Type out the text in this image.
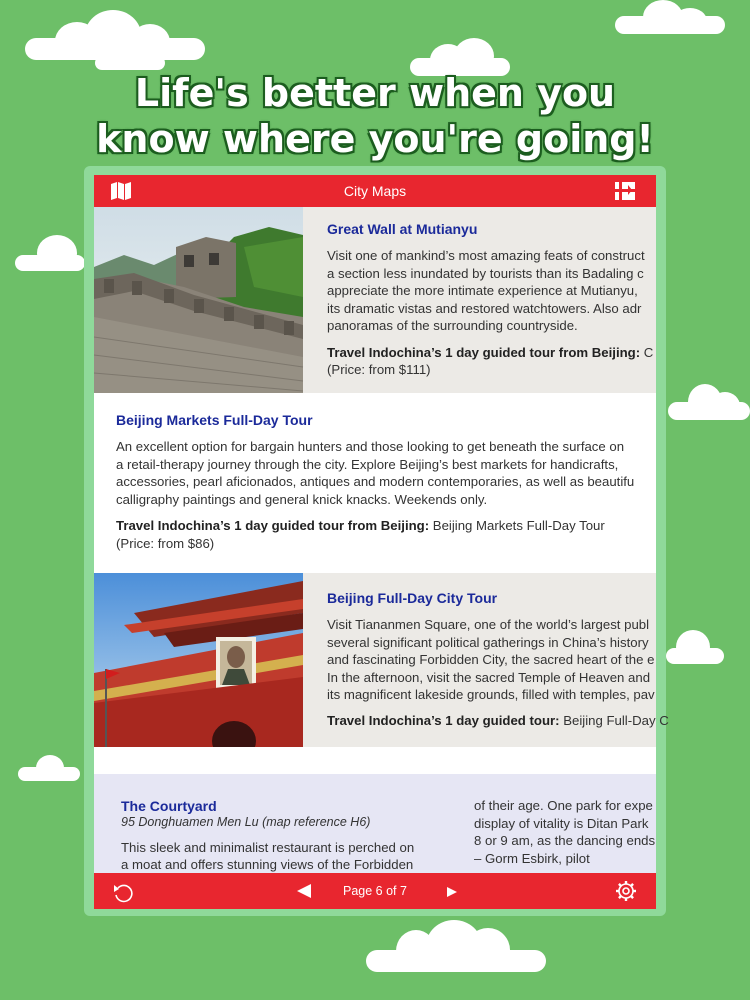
Life's better when you
know where you're going!
City Maps
Great Wall at Mutianyu
Visit one of mankind’s most amazing feats of construct
a section less inundated by tourists than its Badaling c
appreciate the more intimate experience at Mutianyu,
its dramatic vistas and restored watchtowers. Also adr
panoramas of the surrounding countryside.
Travel Indochina’s 1 day guided tour from Beijing: C
(Price: from $111)
Beijing Markets Full-Day Tour
An excellent option for bargain hunters and those looking to get beneath the surface on
a retail-therapy journey through the city. Explore Beijing’s best markets for handicrafts,
accessories, pearl aficionados, antiques and modern contemporaries, as well as beautifu
calligraphy paintings and general knick knacks. Weekends only.
Travel Indochina’s 1 day guided tour from Beijing: Beijing Markets Full-Day Tour
(Price: from $86)
Beijing Full-Day City Tour
Visit Tiananmen Square, one of the world’s largest publ
several significant political gatherings in China’s history
and fascinating Forbidden City, the sacred heart of the e
In the afternoon, visit the sacred Temple of Heaven and
its magnificent lakeside grounds, filled with temples, pav
Travel Indochina’s 1 day guided tour: Beijing Full-Day C
The Courtyard
95 Donghuamen Men Lu (map reference H6)
This sleek and minimalist restaurant is perched on
a moat and offers stunning views of the Forbidden
of their age. One park for expe
display of vitality is Ditan Park
8 or 9 am, as the dancing ends
– Gorm Esbirk, pilot
Page 6 of 7
